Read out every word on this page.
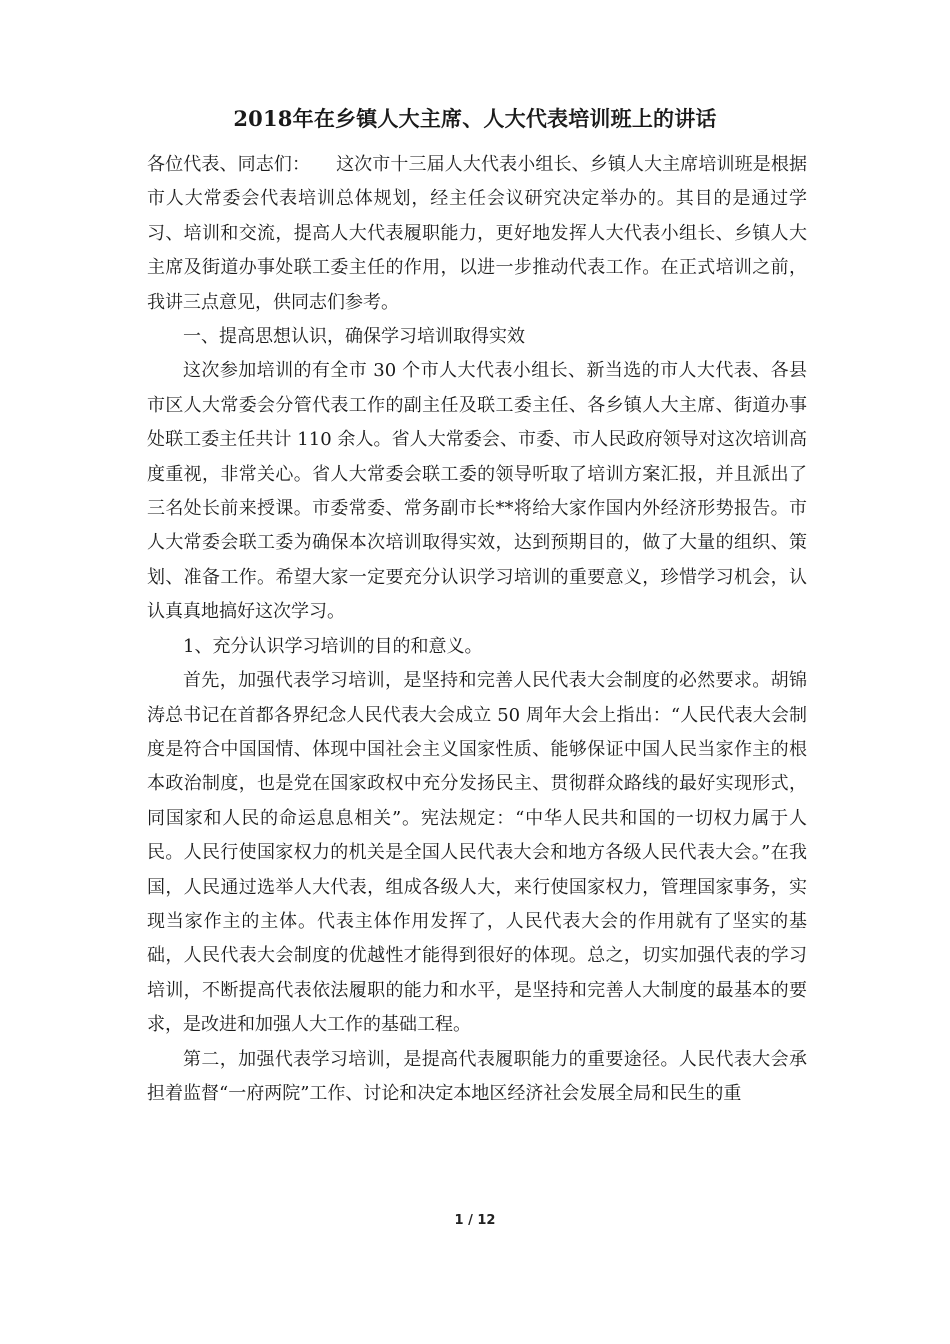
2018年在乡镇人大主席、人大代表培训班上的讲话

各位代表、同志们： 这次市十三届人大代表小组长、乡镇人大主席培训班是根据市人大常委会代表培训总体规划，经主任会议研究决定举办的。其目的是通过学习、培训和交流，提高人大代表履职能力，更好地发挥人大代表小组长、乡镇人大主席及街道办事处联工委主任的作用，以进一步推动代表工作。在正式培训之前，我讲三点意见，供同志们参考。

一、提高思想认识，确保学习培训取得实效

这次参加培训的有全市 30 个市人大代表小组长、新当选的市人大代表、各县市区人大常委会分管代表工作的副主任及联工委主任、各乡镇人大主席、街道办事处联工委主任共计 110 余人。省人大常委会、市委、市人民政府领导对这次培训高度重视，非常关心。省人大常委会联工委的领导听取了培训方案汇报，并且派出了三名处长前来授课。市委常委、常务副市长**将给大家作国内外经济形势报告。市人大常委会联工委为确保本次培训取得实效，达到预期目的，做了大量的组织、策划、准备工作。希望大家一定要充分认识学习培训的重要意义，珍惜学习机会，认认真真地搞好这次学习。

1、充分认识学习培训的目的和意义。

首先，加强代表学习培训，是坚持和完善人民代表大会制度的必然要求。胡锦涛总书记在首都各界纪念人民代表大会成立 50 周年大会上指出：“人民代表大会制度是符合中国国情、体现中国社会主义国家性质、能够保证中国人民当家作主的根本政治制度，也是党在国家政权中充分发扬民主、贯彻群众路线的最好实现形式，同国家和人民的命运息息相关”。宪法规定：“中华人民共和国的一切权力属于人民。人民行使国家权力的机关是全国人民代表大会和地方各级人民代表大会。”在我国，人民通过选举人大代表，组成各级人大，来行使国家权力，管理国家事务，实现当家作主的主体。代表主体作用发挥了，人民代表大会的作用就有了坚实的基础，人民代表大会制度的优越性才能得到很好的体现。总之，切实加强代表的学习培训，不断提高代表依法履职的能力和水平，是坚持和完善人大制度的最基本的要求，是改进和加强人大工作的基础工程。

第二，加强代表学习培训，是提高代表履职能力的重要途径。人民代表大会承担着监督“一府两院”工作、讨论和决定本地区经济社会发展全局和民生的重

1 / 12
